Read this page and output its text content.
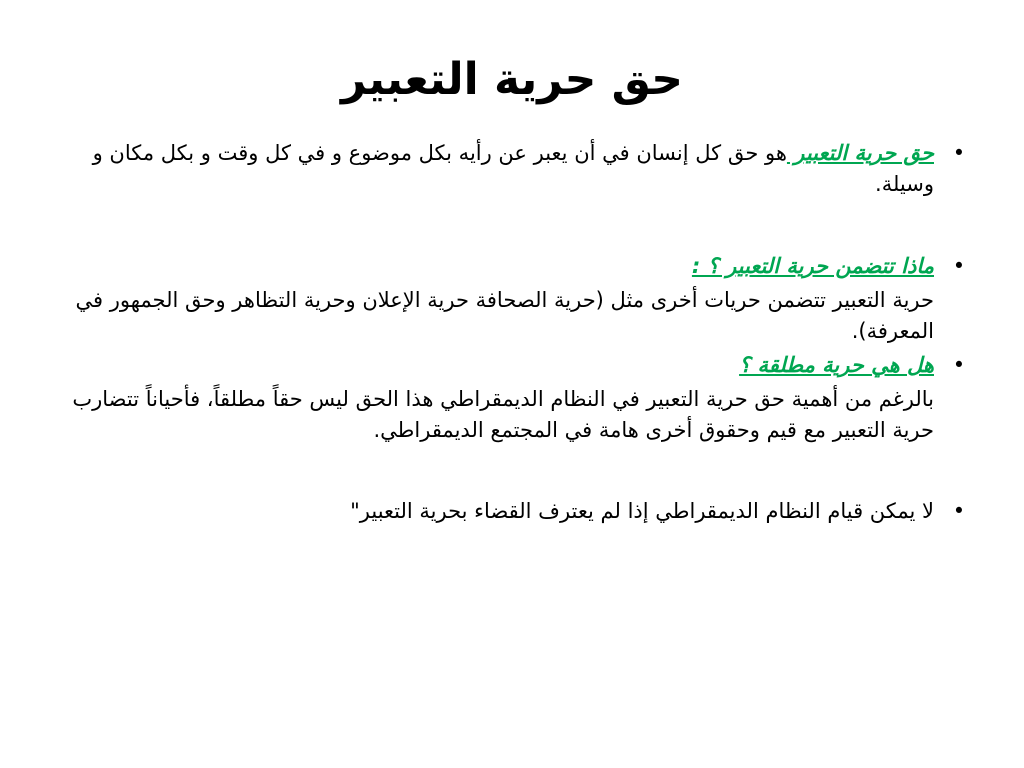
حق حرية التعبير

•
حق حرية التعبير هو حق كل إنسان في أن يعبر عن رأيه بكل موضوع و في كل وقت و بكل مكان و وسيلة.

•
ماذا تتضمن حرية التعبير ؟ :

حرية التعبير تتضمن حريات أخرى مثل (حرية الصحافة حرية الإعلان وحرية التظاهر وحق الجمهور في المعرفة).

•
هل هي حرية مطلقة ؟

بالرغم من أهمية حق حرية التعبير في النظام الديمقراطي هذا الحق ليس حقاً مطلقاً، فأحياناً تتضارب حرية التعبير مع قيم وحقوق أخرى هامة في المجتمع الديمقراطي.

•
لا يمكن قيام النظام الديمقراطي إذا لم يعترف القضاء بحرية التعبير"
